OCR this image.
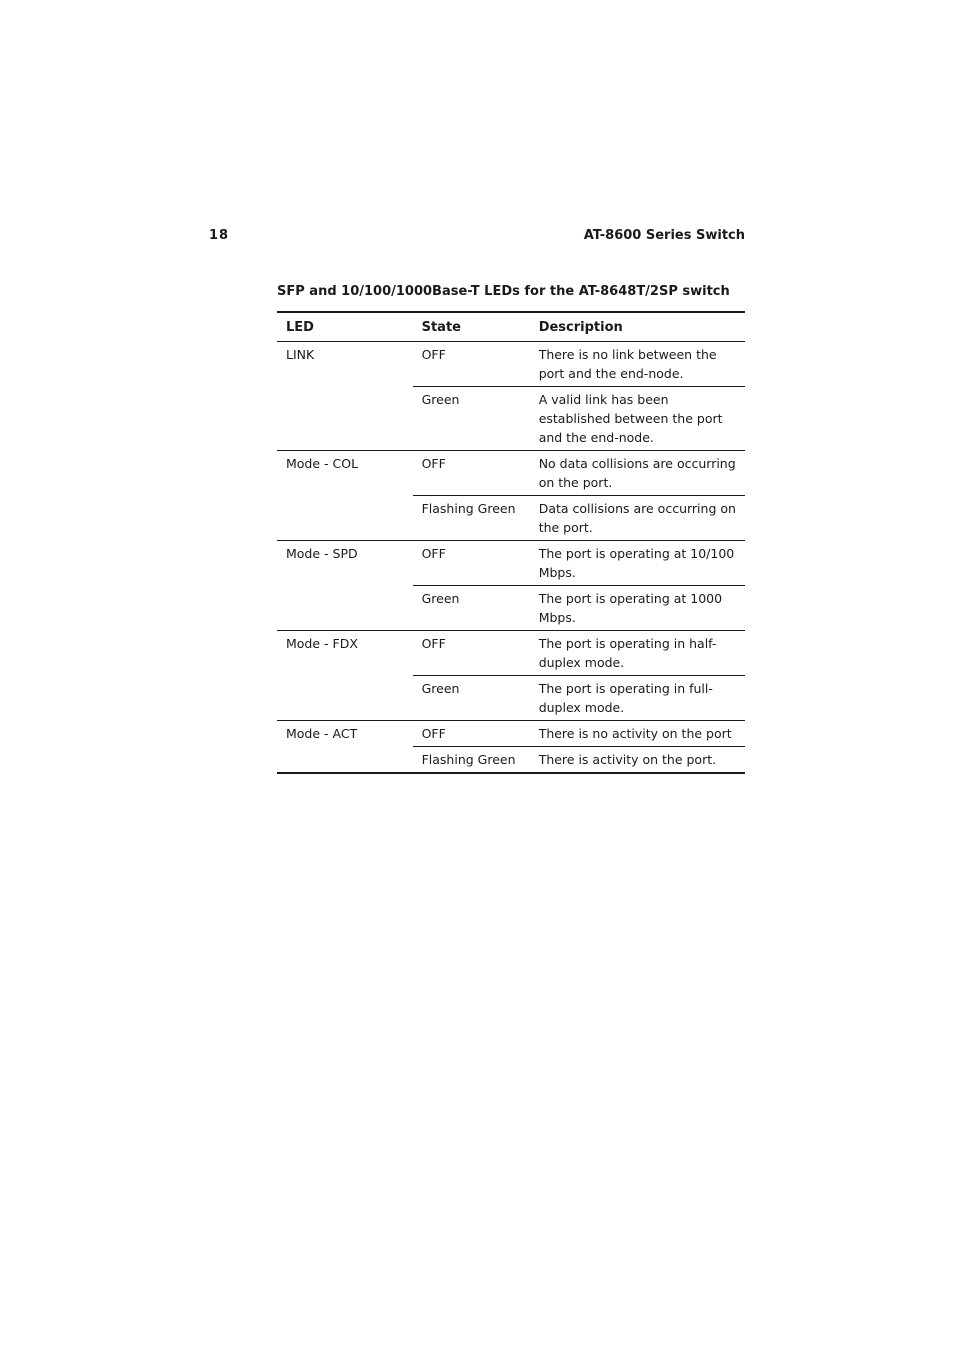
18	AT-8600 Series Switch
SFP and 10/100/1000Base-T LEDs for the AT-8648T/2SP switch
LED	State	Description
LINK	OFF	There is no link between the port and the end-node.
	Green	A valid link has been established between the port and the end-node.
Mode - COL	OFF	No data collisions are occurring on the port.
	Flashing Green	Data collisions are occurring on the port.
Mode - SPD	OFF	The port is operating at 10/100 Mbps.
	Green	The port is operating at 1000 Mbps.
Mode - FDX	OFF	The port is operating in half-duplex mode.
	Green	The port is operating in full-duplex mode.
Mode - ACT	OFF	There is no activity on the port
	Flashing Green	There is activity on the port.
